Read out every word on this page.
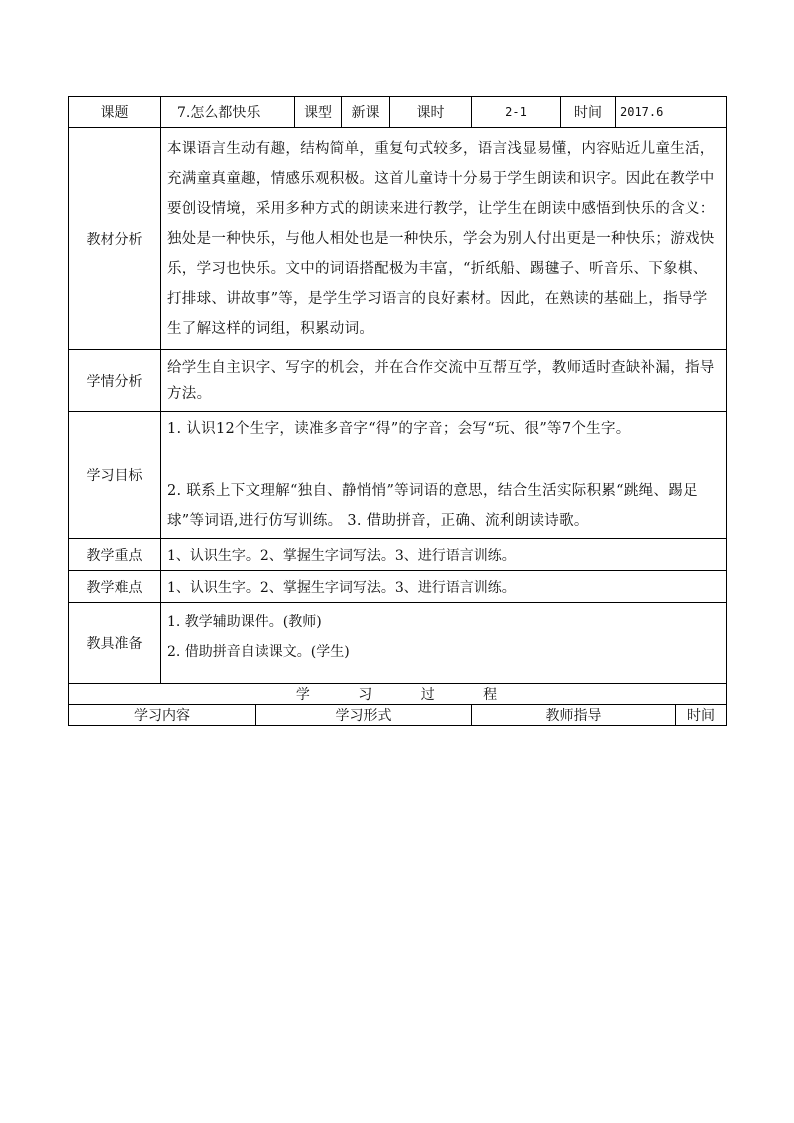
课题	7.怎么都快乐	课型	新课	课时	2-1	时间	2017.6
教材分析	本课语言生动有趣，结构简单，重复句式较多，语言浅显易懂，内容贴近儿童生活，充满童真童趣，情感乐观积极。这首儿童诗十分易于学生朗读和识字。因此在教学中要创设情境，采用多种方式的朗读来进行教学，让学生在朗读中感悟到快乐的含义：独处是一种快乐，与他人相处也是一种快乐，学会为别人付出更是一种快乐；游戏快乐，学习也快乐。文中的词语搭配极为丰富，“折纸船、踢毽子、听音乐、下象棋、打排球、讲故事”等，是学生学习语言的良好素材。因此，在熟读的基础上，指导学生了解这样的词组，积累动词。						
学情分析	给学生自主识字、写字的机会，并在合作交流中互帮互学，教师适时查缺补漏，指导方法。						
学习目标	1. 认识12个生字，读准多音字“得”的字音；会写“玩、很”等7个生字。
2. 联系上下文理解“独自、静悄悄”等词语的意思，结合生活实际积累“跳绳、踢足球”等词语,进行仿写训练。 3. 借助拼音，正确、流利朗读诗歌。						

教学重点	1、认识生字。2、掌握生字词写法。3、进行语言训练。						
教学难点	1、认识生字。2、掌握生字词写法。3、进行语言训练。						
教具准备	1. 教学辅助课件。(教师)
2. 借助拼音自读课文。(学生)						

学 习 过 程							
学习内容	学习形式	教师指导	时间
